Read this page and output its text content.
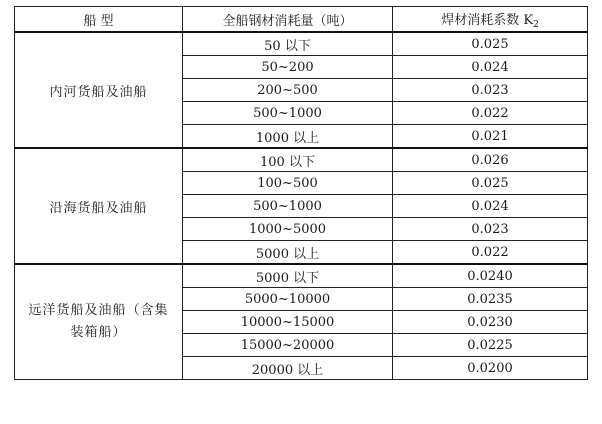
船 型	全船钢材消耗量（吨）	焊材消耗系数 $K_2$
内河货船及油船	50 以下	0.025
	50~200	0.024
	200~500	0.023
	500~1000	0.022
	1000 以上	0.021
沿海货船及油船	100 以下	0.026
	100~500	0.025
	500~1000	0.024
	1000~5000	0.023
	5000 以上	0.022
远洋货船及油船（含集装箱船）	5000 以下	0.0240
	5000~10000	0.0235
	10000~15000	0.0230
	15000~20000	0.0225
	20000 以上	0.0200
